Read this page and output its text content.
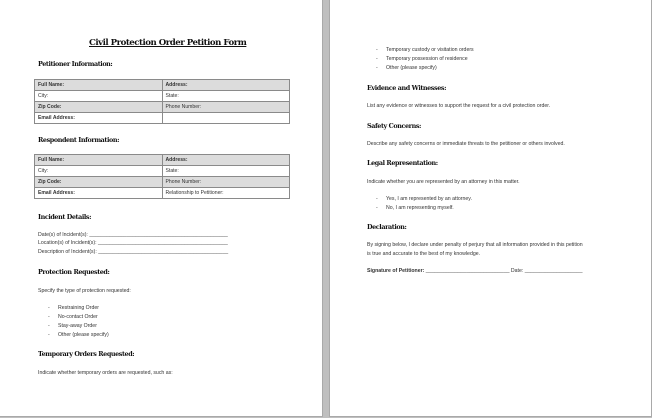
Civil Protection Order Petition Form
Petitioner Information:
Full Name:	Address:
City:	State:
Zip Code:	Phone Number:
Email Address:	
Respondent Information:
Full Name:	Address:
City:	State:
Zip Code:	Phone Number:
Email Address:	Relationship to Petitioner:
Incident Details:
Date(s) of Incident(s): ________________________________________________
Location(s) of Incident(s): _____________________________________________
Description of Incident(s): _____________________________________________
Protection Requested:
Specify the type of protection requested:
- Restraining Order
- No-contact Order
- Stay-away Order
- Other (please specify)
Temporary Orders Requested:
Indicate whether temporary orders are requested, such as:
- Temporary custody or visitation orders
- Temporary possession of residence
- Other (please specify)
Evidence and Witnesses:
List any evidence or witnesses to support the request for a civil protection order.
Safety Concerns:
Describe any safety concerns or immediate threats to the petitioner or others involved.
Legal Representation:
Indicate whether you are represented by an attorney in this matter.
- Yes, I am represented by an attorney.
- No, I am representing myself.
Declaration:
By signing below, I declare under penalty of perjury that all information provided in this petition
is true and accurate to the best of my knowledge.
Signature of Petitioner: _____________________________ Date: ____________________
